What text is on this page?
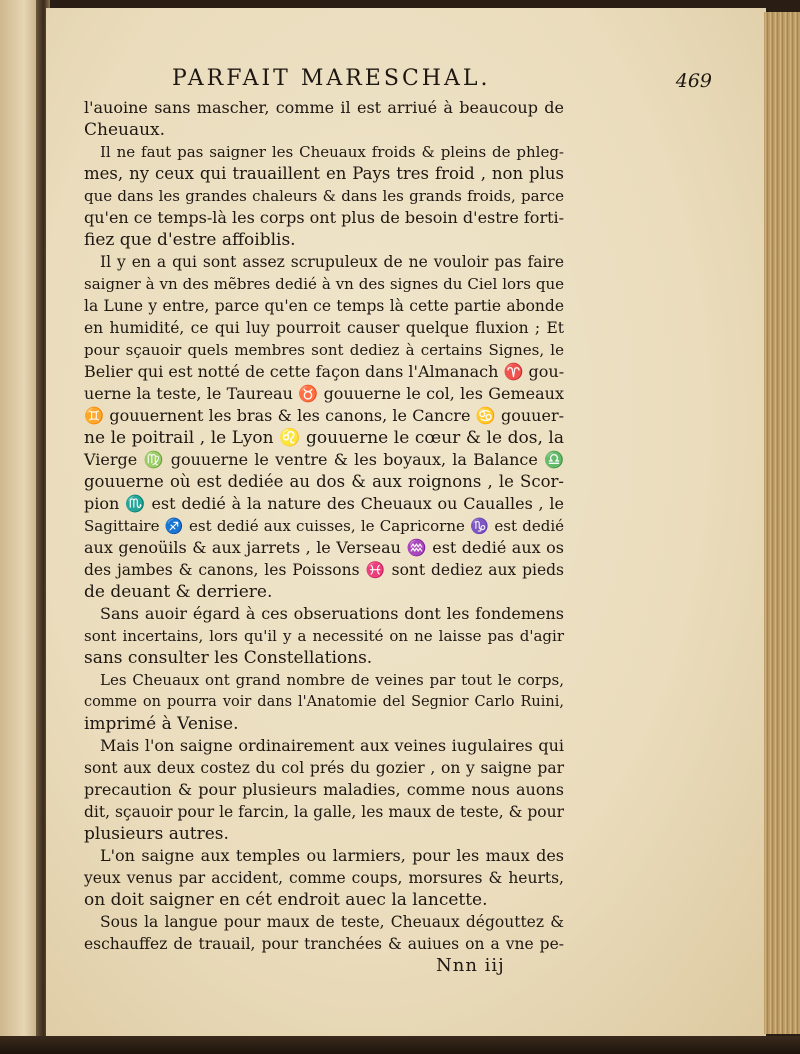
PARFAIT MARESCHAL.	469
l'auoine sans mascher, comme il est arriué à beaucoup de
Cheuaux.
Il ne faut pas saigner les Cheuaux froids & pleins de phleg-
mes, ny ceux qui trauaillent en Pays tres froid , non plus
que dans les grandes chaleurs & dans les grands froids, parce
qu'en ce temps-là les corps ont plus de besoin d'estre forti-
fiez que d'estre affoiblis.
Il y en a qui sont assez scrupuleux de ne vouloir pas faire
saigner à vn des mẽbres dedié à vn des signes du Ciel lors que
la Lune y entre, parce qu'en ce temps là cette partie abonde
en humidité, ce qui luy pourroit causer quelque fluxion ; Et
pour sçauoir quels membres sont dediez à certains Signes, le
Belier qui est notté de cette façon dans l'Almanach ♈ gou-
uerne la teste, le Taureau ♉ gouuerne le col, les Gemeaux
♊ gouuernent les bras & les canons, le Cancre ♋ gouuer-
ne le poitrail , le Lyon ♌ gouuerne le cœur & le dos, la
Vierge ♍ gouuerne le ventre & les boyaux, la Balance ♎
gouuerne où est dediée au dos & aux roignons , le Scor-
pion ♏ est dedié à la nature des Cheuaux ou Caualles , le
Sagittaire ♐ est dedié aux cuisses, le Capricorne ♑ est dedié
aux genoüils & aux jarrets , le Verseau ♒ est dedié aux os
des jambes & canons, les Poissons ♓ sont dediez aux pieds
de deuant & derriere.
Sans auoir égard à ces obseruations dont les fondemens
sont incertains, lors qu'il y a necessité on ne laisse pas d'agir
sans consulter les Constellations.
Les Cheuaux ont grand nombre de veines par tout le corps,
comme on pourra voir dans l'Anatomie del Segnior Carlo Ruini,
imprimé à Venise.
Mais l'on saigne ordinairement aux veines iugulaires qui
sont aux deux costez du col prés du gozier , on y saigne par
precaution & pour plusieurs maladies, comme nous auons
dit, sçauoir pour le farcin, la galle, les maux de teste, & pour
plusieurs autres.
L'on saigne aux temples ou larmiers, pour les maux des
yeux venus par accident, comme coups, morsures & heurts,
on doit saigner en cét endroit auec la lancette.
Sous la langue pour maux de teste, Cheuaux dégouttez &
eschauffez de trauail, pour tranchées & auiues on a vne pe-
Nnn iij
